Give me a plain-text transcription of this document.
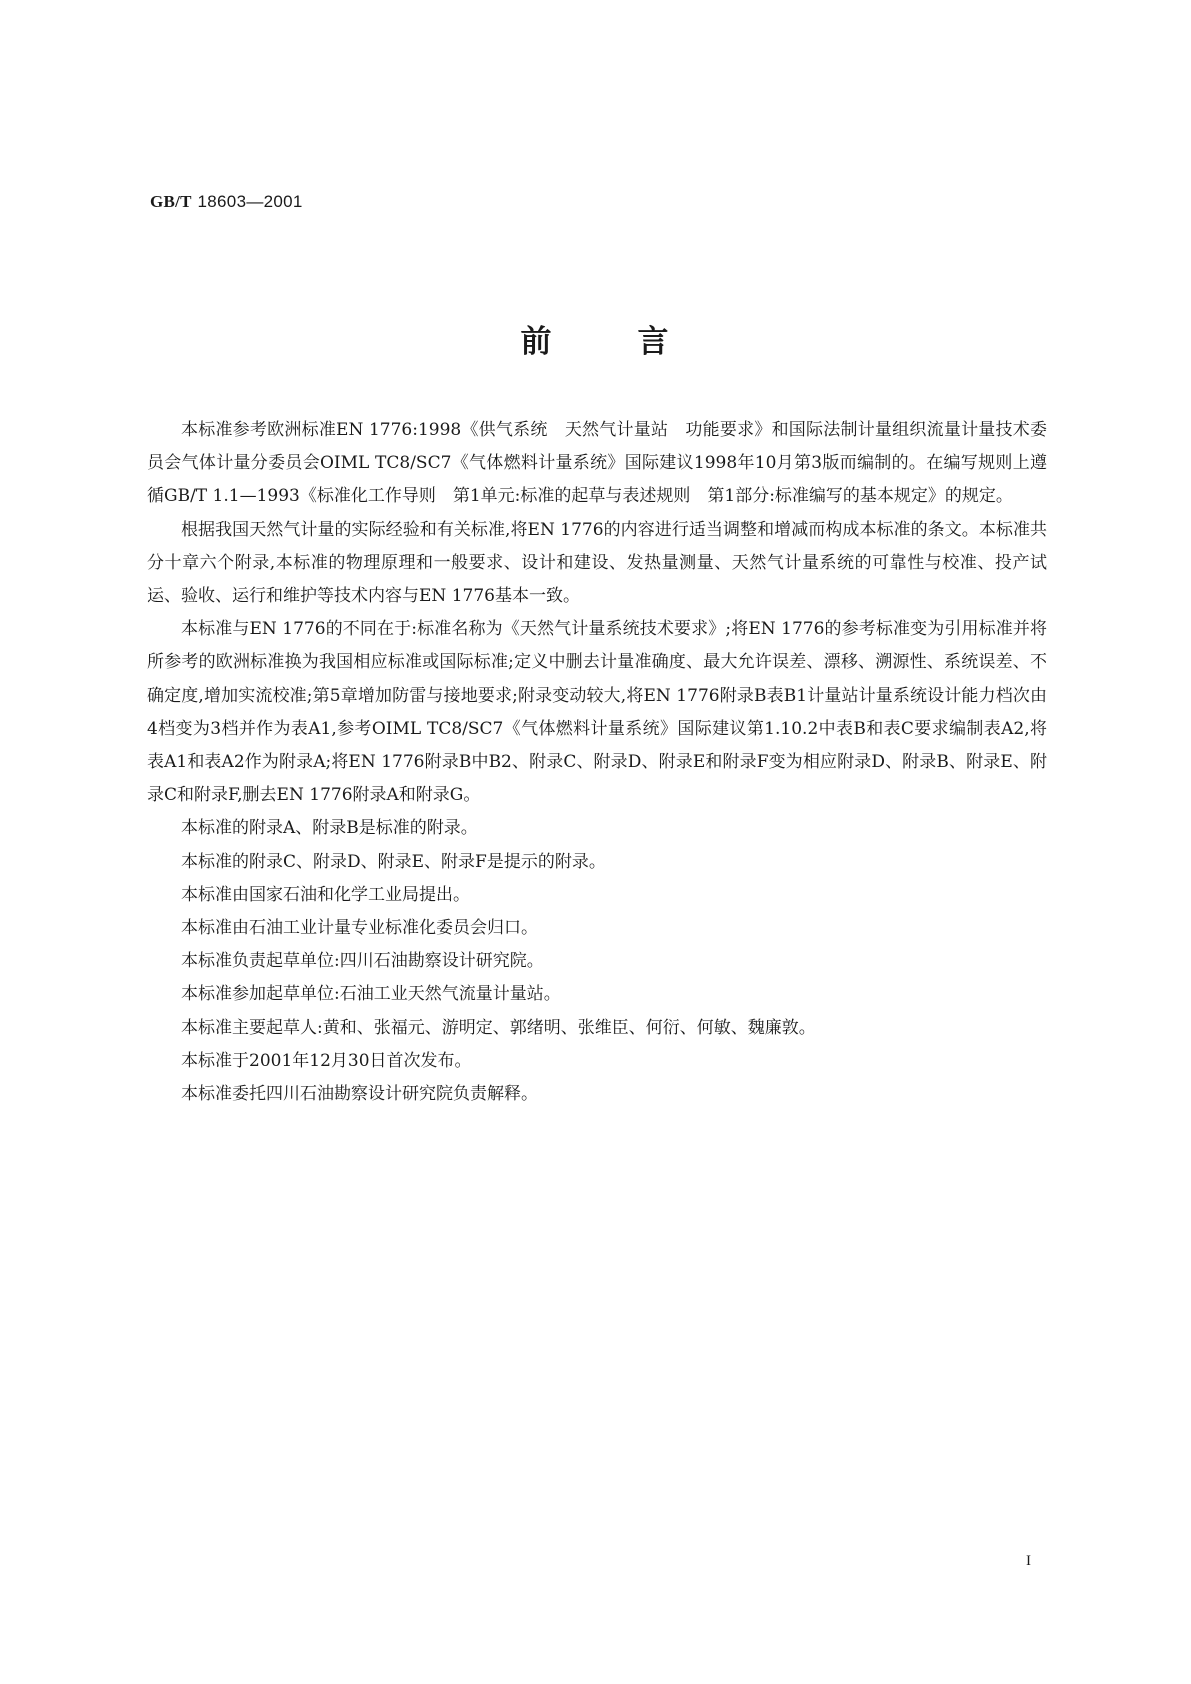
GB/T 18603—2001
前	言

本标准参考欧洲标准EN 1776:1998《供气系统　天然气计量站　功能要求》和国际法制计量组织流量计量技术委员会气体计量分委员会OIML TC8/SC7《气体燃料计量系统》国际建议1998年10月第3版而编制的。在编写规则上遵循GB/T 1.1—1993《标准化工作导则　第1单元:标准的起草与表述规则　第1部分:标准编写的基本规定》的规定。

根据我国天然气计量的实际经验和有关标准,将EN 1776的内容进行适当调整和增减而构成本标准的条文。本标准共分十章六个附录,本标准的物理原理和一般要求、设计和建设、发热量测量、天然气计量系统的可靠性与校准、投产试运、验收、运行和维护等技术内容与EN 1776基本一致。

本标准与EN 1776的不同在于:标准名称为《天然气计量系统技术要求》;将EN 1776的参考标准变为引用标准并将所参考的欧洲标准换为我国相应标准或国际标准;定义中删去计量准确度、最大允许误差、漂移、溯源性、系统误差、不确定度,增加实流校准;第5章增加防雷与接地要求;附录变动较大,将EN 1776附录B表B1计量站计量系统设计能力档次由4档变为3档并作为表A1,参考OIML TC8/SC7《气体燃料计量系统》国际建议第1.10.2中表B和表C要求编制表A2,将表A1和表A2作为附录A;将EN 1776附录B中B2、附录C、附录D、附录E和附录F变为相应附录D、附录B、附录E、附录C和附录F,删去EN 1776附录A和附录G。

本标准的附录A、附录B是标准的附录。

本标准的附录C、附录D、附录E、附录F是提示的附录。

本标准由国家石油和化学工业局提出。

本标准由石油工业计量专业标准化委员会归口。

本标准负责起草单位:四川石油勘察设计研究院。

本标准参加起草单位:石油工业天然气流量计量站。

本标准主要起草人:黄和、张福元、游明定、郭绪明、张维臣、何衍、何敏、魏廉敦。

本标准于2001年12月30日首次发布。

本标准委托四川石油勘察设计研究院负责解释。

I
